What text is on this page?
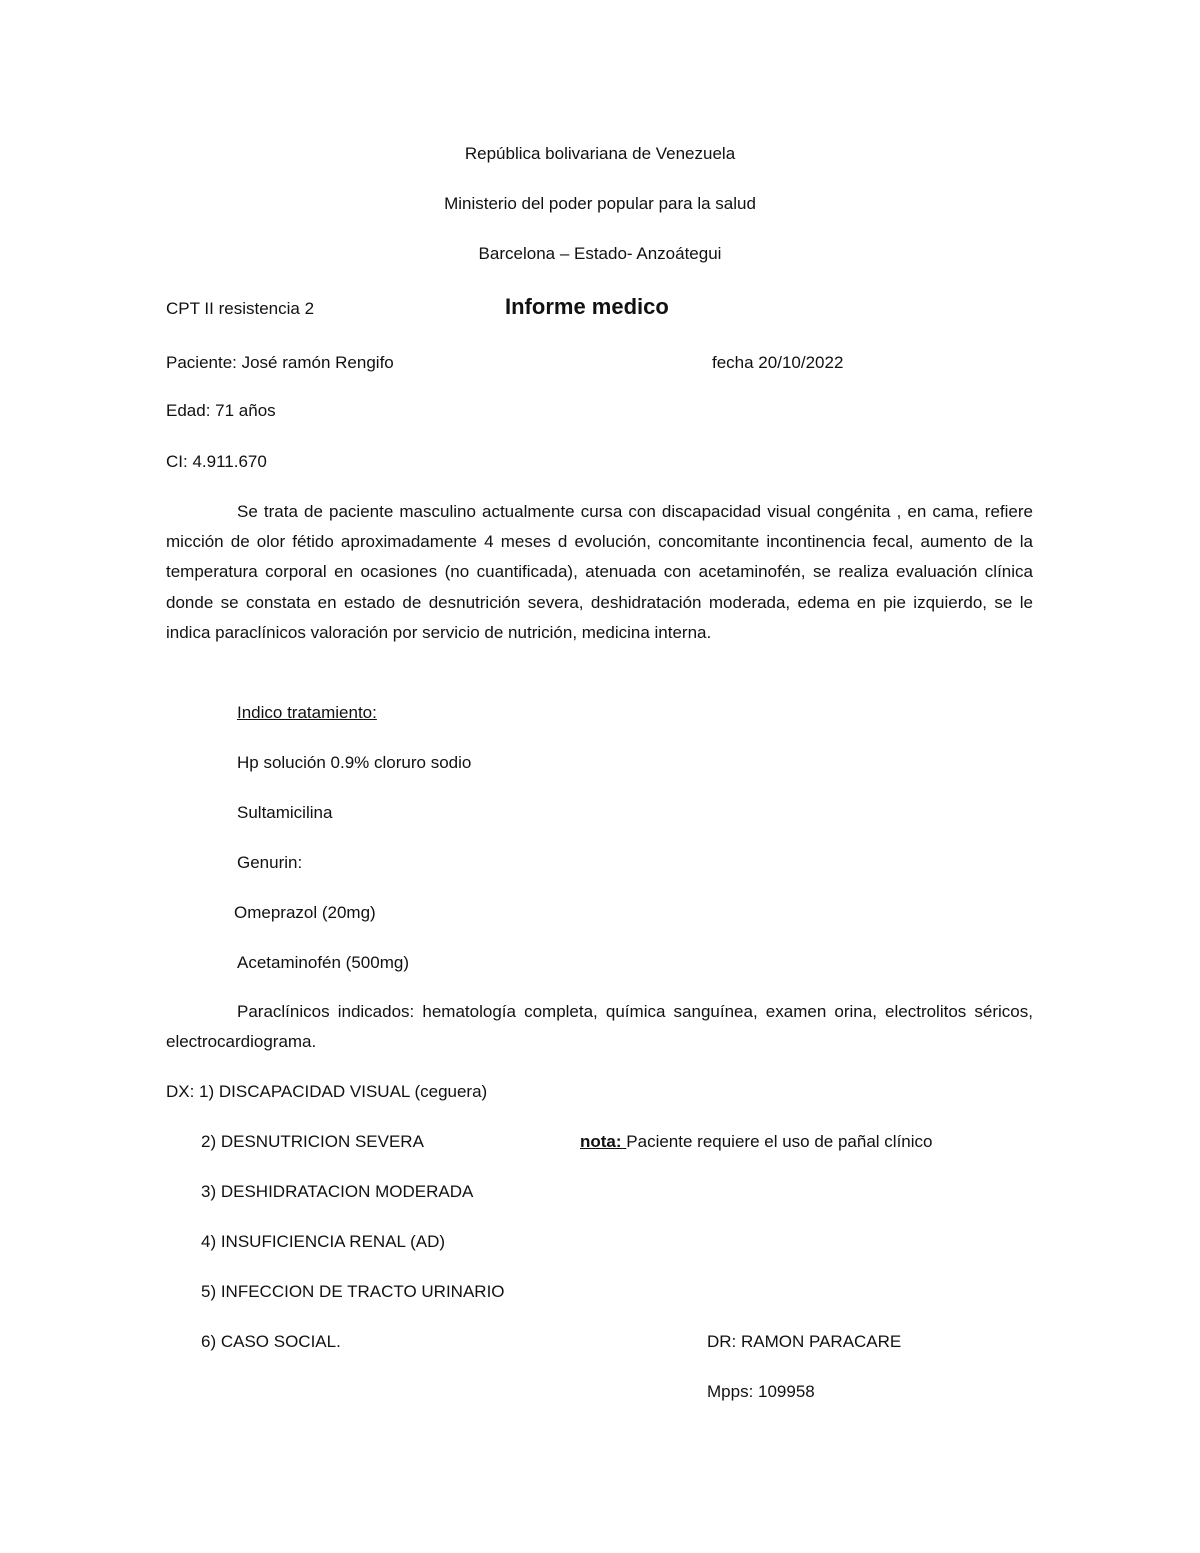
República bolivariana de Venezuela
Ministerio del poder popular para la salud
Barcelona – Estado- Anzoátegui
CPT II resistencia 2	Informe medico
Paciente: José ramón Rengifo	fecha 20/10/2022
Edad: 71 años
CI: 4.911.670
Se trata de paciente masculino actualmente cursa con discapacidad visual congénita , en cama, refiere micción de olor fétido aproximadamente 4 meses d evolución, concomitante incontinencia fecal, aumento de la temperatura corporal en ocasiones (no cuantificada), atenuada con acetaminofén, se realiza evaluación clínica donde se constata en estado de desnutrición severa, deshidratación moderada, edema en pie izquierdo, se le indica paraclínicos valoración por servicio de nutrición, medicina interna.
Indico tratamiento:
Hp solución 0.9% cloruro sodio
Sultamicilina
Genurin:
Omeprazol (20mg)
Acetaminofén (500mg)
Paraclínicos indicados: hematología completa, química sanguínea, examen orina, electrolitos séricos, electrocardiograma.
DX: 1) DISCAPACIDAD VISUAL (ceguera)
2) DESNUTRICION SEVERA
3) DESHIDRATACION MODERADA
4) INSUFICIENCIA RENAL (AD)
5) INFECCION DE TRACTO URINARIO
6) CASO SOCIAL.
nota: Paciente requiere el uso de pañal clínico
DR: RAMON PARACARE
Mpps: 109958
